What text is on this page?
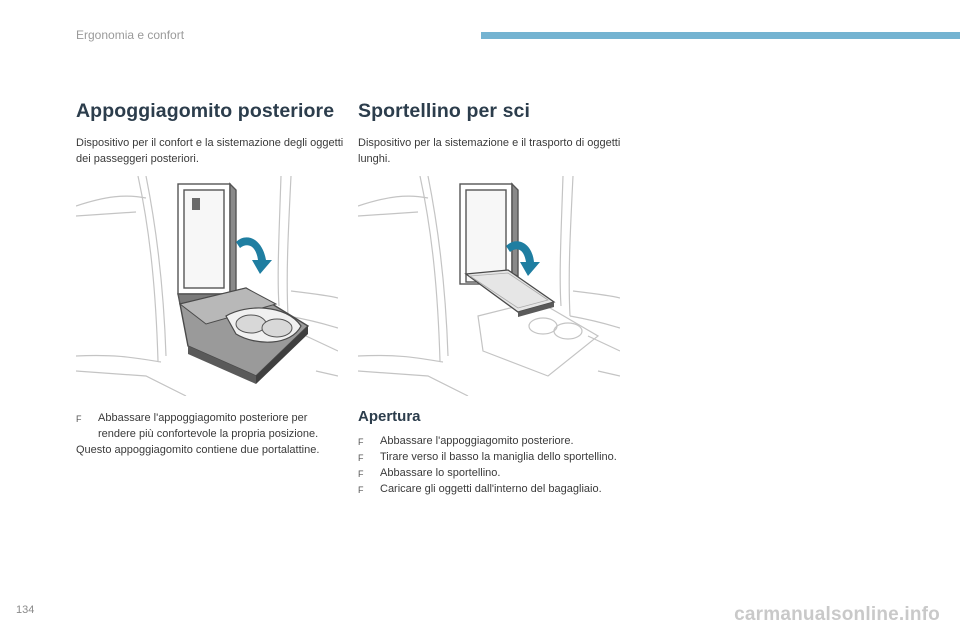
Ergonomia e confort
Appoggiagomito posteriore

Dispositivo per il confort e la sistemazione degli oggetti dei passeggeri posteriori.

Sportellino per sci

Dispositivo per la sistemazione e il trasporto di oggetti lunghi.

F Abbassare l'appoggiagomito posteriore per rendere più confortevole la propria posizione.

Questo appoggiagomito contiene due portalattine.

Apertura
F Abbassare l'appoggiagomito posteriore.
F Tirare verso il basso la maniglia dello sportellino.
F Abbassare lo sportellino.
F Caricare gli oggetti dall'interno del bagagliaio.
134	carmanualsonline.info
